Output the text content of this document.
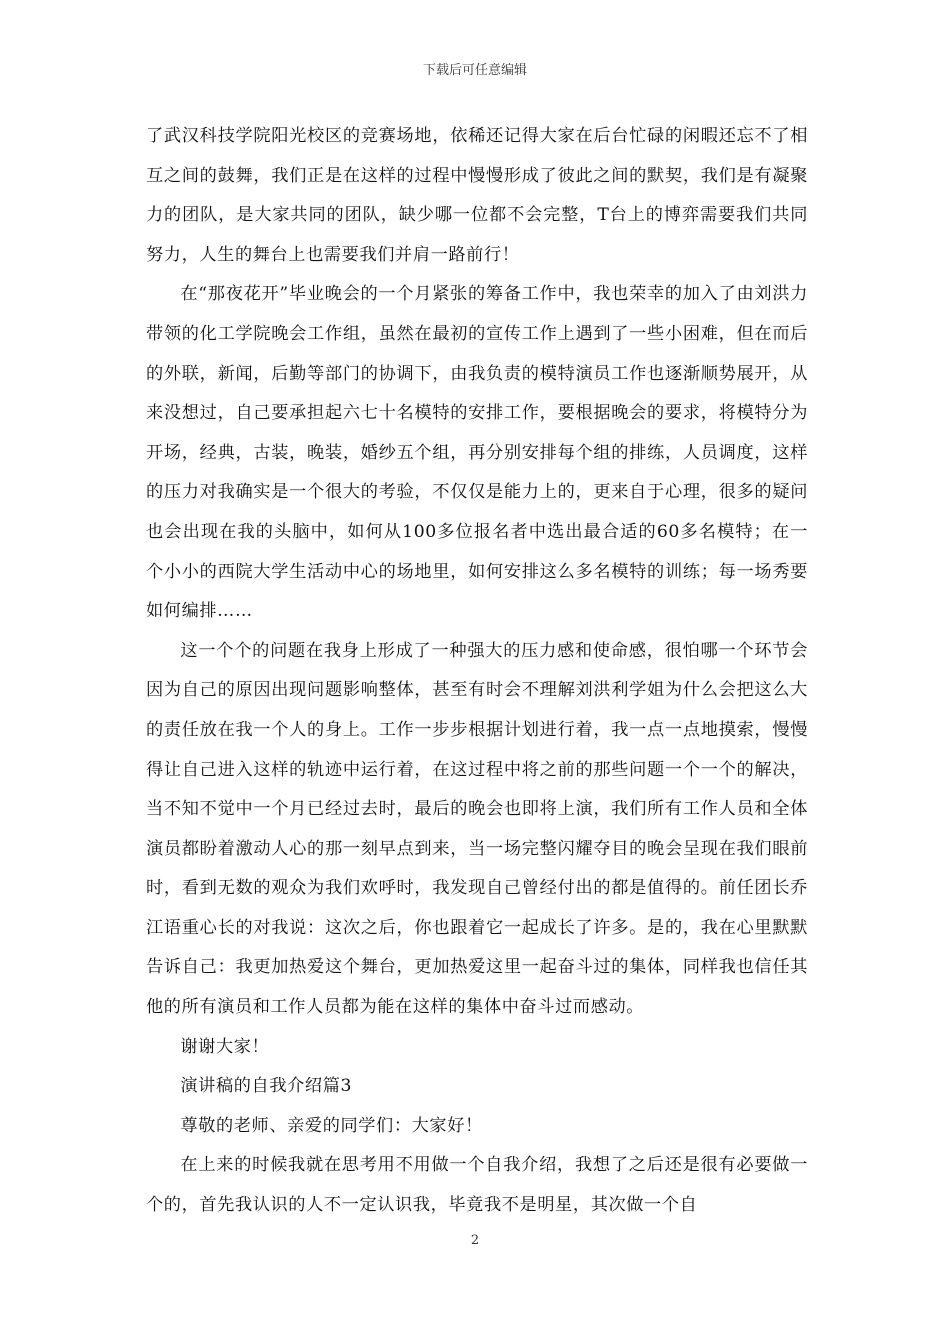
下载后可任意编辑

了武汉科技学院阳光校区的竞赛场地，依稀还记得大家在后台忙碌的闲暇还忘不了相互之间的鼓舞，我们正是在这样的过程中慢慢形成了彼此之间的默契，我们是有凝聚力的团队，是大家共同的团队，缺少哪一位都不会完整，T台上的博弈需要我们共同努力，人生的舞台上也需要我们并肩一路前行！

在“那夜花开”毕业晚会的一个月紧张的筹备工作中，我也荣幸的加入了由刘洪力带领的化工学院晚会工作组，虽然在最初的宣传工作上遇到了一些小困难，但在而后的外联，新闻，后勤等部门的协调下，由我负责的模特演员工作也逐渐顺势展开，从来没想过，自己要承担起六七十名模特的安排工作，要根据晚会的要求，将模特分为开场，经典，古装，晚装，婚纱五个组，再分别安排每个组的排练，人员调度，这样的压力对我确实是一个很大的考验，不仅仅是能力上的，更来自于心理，很多的疑问也会出现在我的头脑中，如何从100多位报名者中选出最合适的60多名模特；在一个小小的西院大学生活动中心的场地里，如何安排这么多名模特的训练；每一场秀要如何编排……

这一个个的问题在我身上形成了一种强大的压力感和使命感，很怕哪一个环节会因为自己的原因出现问题影响整体，甚至有时会不理解刘洪利学姐为什么会把这么大的责任放在我一个人的身上。工作一步步根据计划进行着，我一点一点地摸索，慢慢得让自己进入这样的轨迹中运行着，在这过程中将之前的那些问题一个一个的解决，当不知不觉中一个月已经过去时，最后的晚会也即将上演，我们所有工作人员和全体演员都盼着激动人心的那一刻早点到来，当一场完整闪耀夺目的晚会呈现在我们眼前时，看到无数的观众为我们欢呼时，我发现自己曾经付出的都是值得的。前任团长乔江语重心长的对我说：这次之后，你也跟着它一起成长了许多。是的，我在心里默默告诉自己：我更加热爱这个舞台，更加热爱这里一起奋斗过的集体，同样我也信任其他的所有演员和工作人员都为能在这样的集体中奋斗过而感动。

谢谢大家！

演讲稿的自我介绍篇3

尊敬的老师、亲爱的同学们：大家好！

在上来的时候我就在思考用不用做一个自我介绍，我想了之后还是很有必要做一个的，首先我认识的人不一定认识我，毕竟我不是明星，其次做一个自

2
